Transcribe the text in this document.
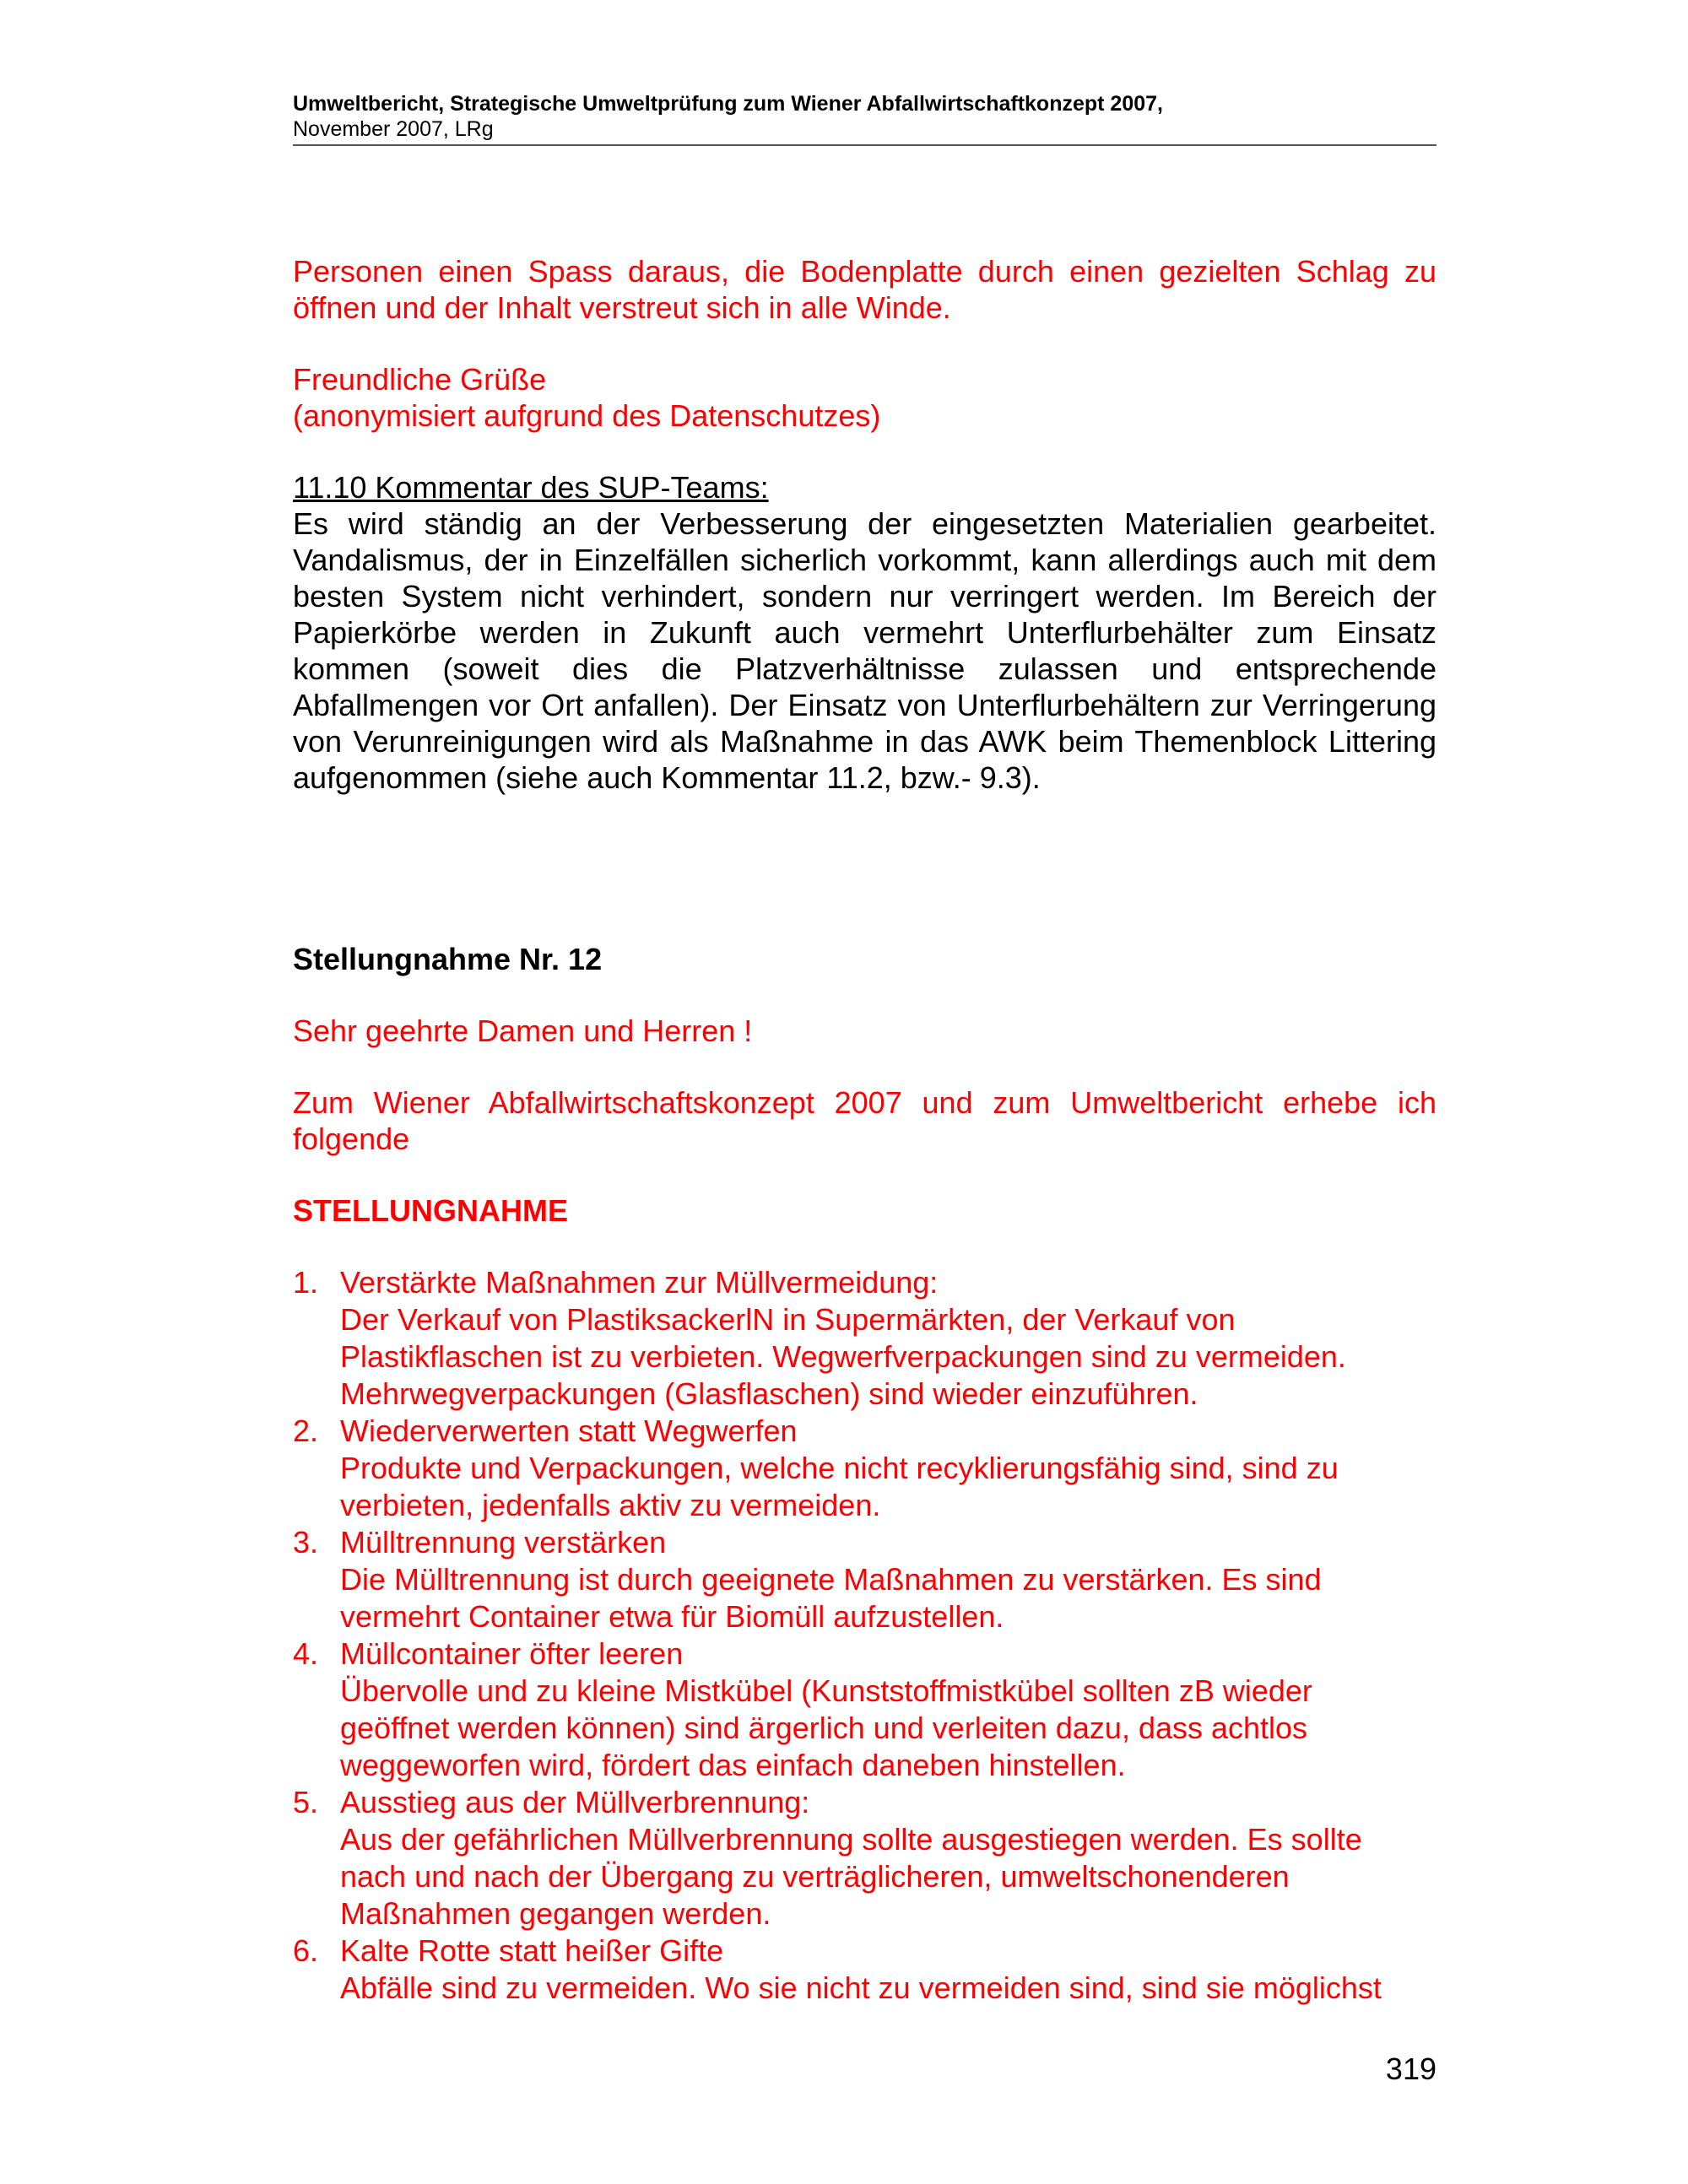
Umweltbericht, Strategische Umweltprüfung zum Wiener Abfallwirtschaftkonzept 2007,
November 2007, LRg

Personen einen Spass daraus, die Bodenplatte durch einen gezielten Schlag zu öffnen und der Inhalt verstreut sich in alle Winde.

Freundliche Grüße

(anonymisiert aufgrund des Datenschutzes)

11.10 Kommentar des SUP-Teams:

Es wird ständig an der Verbesserung der eingesetzten Materialien gearbeitet. Vandalismus, der in Einzelfällen sicherlich vorkommt, kann allerdings auch mit dem besten System nicht verhindert, sondern nur verringert werden. Im Bereich der Papierkörbe werden in Zukunft auch vermehrt Unterflurbehälter zum Einsatz kommen (soweit dies die Platzverhältnisse zulassen und entsprechende Abfallmengen vor Ort anfallen). Der Einsatz von Unterflurbehältern zur Verringerung von Verunreinigungen wird als Maßnahme in das AWK beim Themenblock Littering aufgenommen (siehe auch Kommentar 11.2, bzw.- 9.3).

Stellungnahme Nr. 12

Sehr geehrte Damen und Herren !

Zum Wiener Abfallwirtschaftskonzept 2007 und zum Umweltbericht erhebe ich folgende

STELLUNGNAHME

1. Verstärkte Maßnahmen zur Müllvermeidung:
Der Verkauf von PlastiksackerlN in Supermärkten, der Verkauf von
Plastikflaschen ist zu verbieten. Wegwerfverpackungen sind zu vermeiden.
Mehrwegverpackungen (Glasflaschen) sind wieder einzuführen.
2. Wiederverwerten statt Wegwerfen
Produkte und Verpackungen, welche nicht recyklierungsfähig sind, sind zu
verbieten, jedenfalls aktiv zu vermeiden.
3. Mülltrennung verstärken
Die Mülltrennung ist durch geeignete Maßnahmen zu verstärken. Es sind
vermehrt Container etwa für Biomüll aufzustellen.
4. Müllcontainer öfter leeren
Übervolle und zu kleine Mistkübel (Kunststoffmistkübel sollten zB wieder
geöffnet werden können) sind ärgerlich und verleiten dazu, dass achtlos
weggeworfen wird, fördert das einfach daneben hinstellen.
5. Ausstieg aus der Müllverbrennung:
Aus der gefährlichen Müllverbrennung sollte ausgestiegen werden. Es sollte
nach und nach der Übergang zu verträglicheren, umweltschonenderen
Maßnahmen gegangen werden.
6. Kalte Rotte statt heißer Gifte
Abfälle sind zu vermeiden. Wo sie nicht zu vermeiden sind, sind sie möglichst
319
